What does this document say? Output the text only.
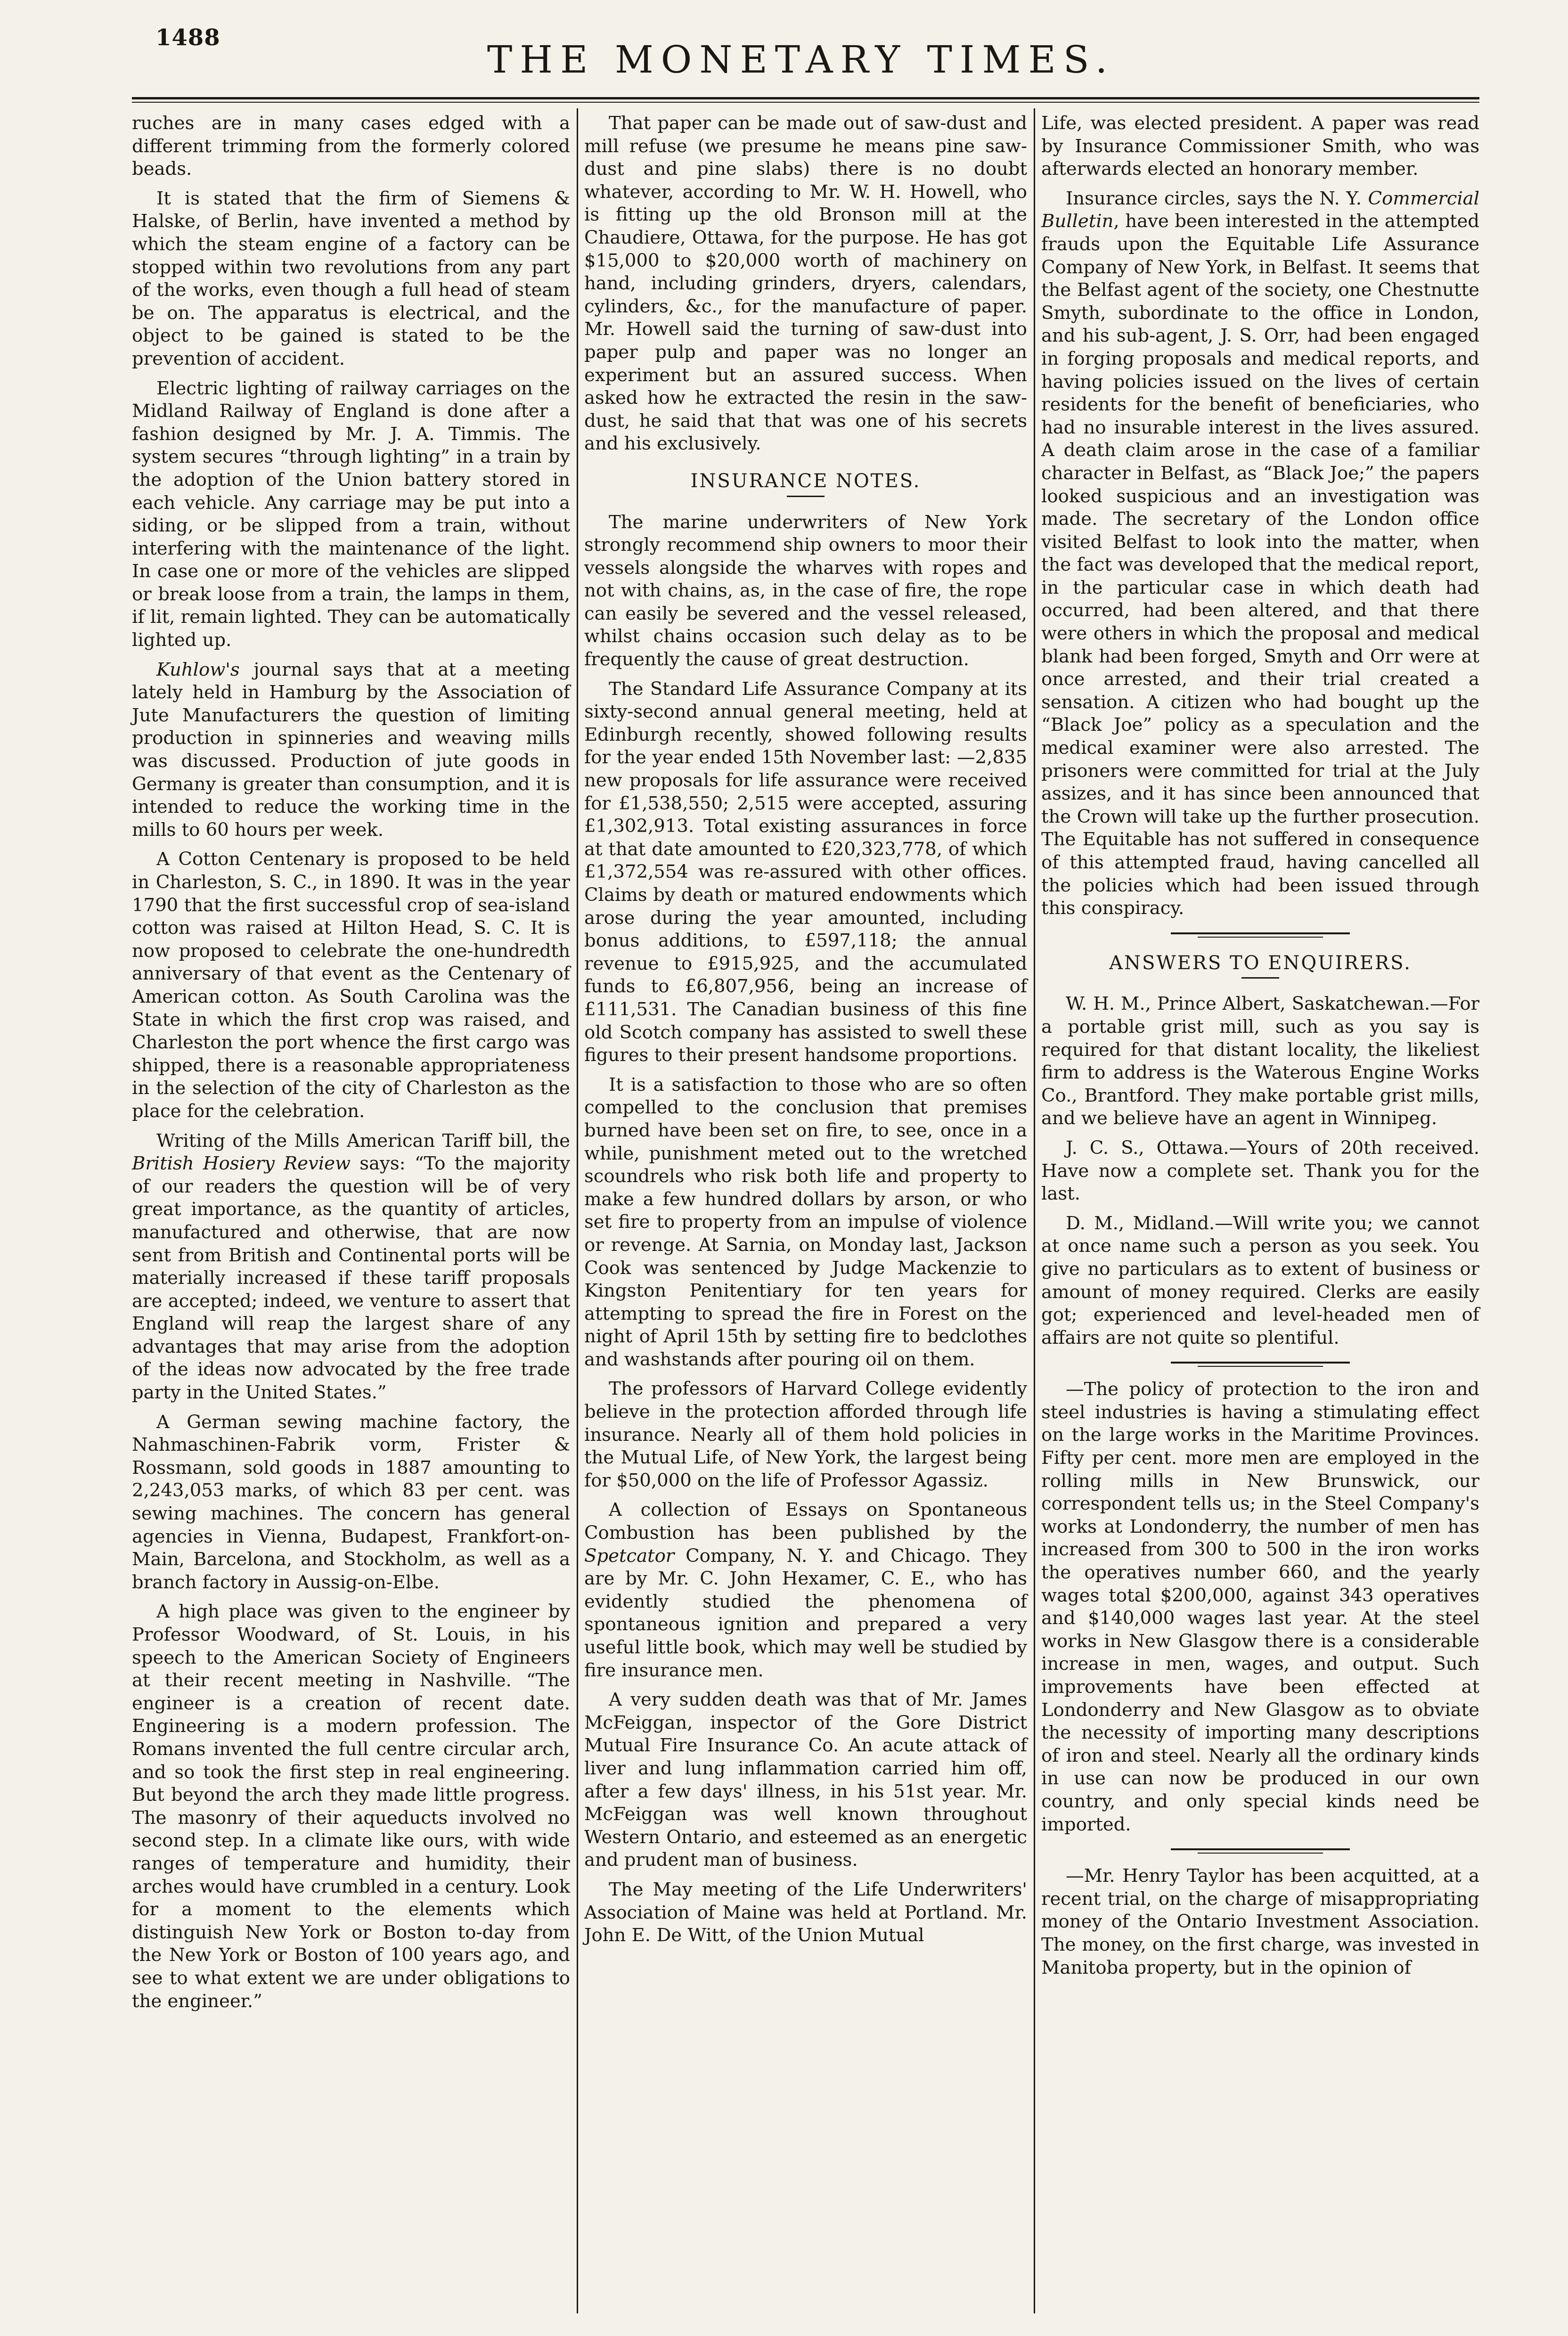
1488	THE MONETARY TIMES.

ruches are in many cases edged with a different trimming from the formerly colored beads.

It is stated that the firm of Siemens & Halske, of Berlin, have invented a method by which the steam engine of a factory can be stopped within two revolutions from any part of the works, even though a full head of steam be on. The apparatus is electrical, and the object to be gained is stated to be the prevention of accident.

Electric lighting of railway carriages on the Midland Railway of England is done after a fashion designed by Mr. J. A. Timmis. The system secures “through lighting” in a train by the adoption of the Union battery stored in each vehicle. Any carriage may be put into a siding, or be slipped from a train, without interfering with the maintenance of the light. In case one or more of the vehicles are slipped or break loose from a train, the lamps in them, if lit, remain lighted. They can be automatically lighted up.

Kuhlow's journal says that at a meeting lately held in Hamburg by the Association of Jute Manufacturers the question of limiting production in spinneries and weaving mills was discussed. Production of jute goods in Germany is greater than consumption, and it is intended to reduce the working time in the mills to 60 hours per week.

A Cotton Centenary is proposed to be held in Charleston, S. C., in 1890. It was in the year 1790 that the first successful crop of sea-island cotton was raised at Hilton Head, S. C. It is now proposed to celebrate the one-hundredth anniversary of that event as the Centenary of American cotton. As South Carolina was the State in which the first crop was raised, and Charleston the port whence the first cargo was shipped, there is a reasonable appropriateness in the selection of the city of Charleston as the place for the celebration.

Writing of the Mills American Tariff bill, the British Hosiery Review says: “To the majority of our readers the question will be of very great importance, as the quantity of articles, manufactured and otherwise, that are now sent from British and Continental ports will be materially increased if these tariff proposals are accepted; indeed, we venture to assert that England will reap the largest share of any advantages that may arise from the adoption of the ideas now advocated by the free trade party in the United States.”

A German sewing machine factory, the Nahmaschinen-Fabrik vorm, Frister & Rossmann, sold goods in 1887 amounting to 2,243,053 marks, of which 83 per cent. was sewing machines. The concern has general agencies in Vienna, Budapest, Frankfort-on-Main, Barcelona, and Stockholm, as well as a branch factory in Aussig-on-Elbe.

A high place was given to the engineer by Professor Woodward, of St. Louis, in his speech to the American Society of Engineers at their recent meeting in Nashville. “The engineer is a creation of recent date. Engineering is a modern profession. The Romans invented the full centre circular arch, and so took the first step in real engineering. But beyond the arch they made little progress. The masonry of their aqueducts involved no second step. In a climate like ours, with wide ranges of temperature and humidity, their arches would have crumbled in a century. Look for a moment to the elements which distinguish New York or Boston to-day from the New York or Boston of 100 years ago, and see to what extent we are under obligations to the engineer.”

That paper can be made out of saw-dust and mill refuse (we presume he means pine saw-dust and pine slabs) there is no doubt whatever, according to Mr. W. H. Howell, who is fitting up the old Bronson mill at the Chaudiere, Ottawa, for the purpose. He has got $15,000 to $20,000 worth of machinery on hand, including grinders, dryers, calendars, cylinders, &c., for the manufacture of paper. Mr. Howell said the turning of saw-dust into paper pulp and paper was no longer an experiment but an assured success. When asked how he extracted the resin in the saw-dust, he said that that was one of his secrets and his exclusively.

INSURANCE NOTES.

The marine underwriters of New York strongly recommend ship owners to moor their vessels alongside the wharves with ropes and not with chains, as, in the case of fire, the rope can easily be severed and the vessel released, whilst chains occasion such delay as to be frequently the cause of great destruction.

The Standard Life Assurance Company at its sixty-second annual general meeting, held at Edinburgh recently, showed following results for the year ended 15th November last: —2,835 new proposals for life assurance were received for £1,538,550; 2,515 were accepted, assuring £1,302,913. Total existing assurances in force at that date amounted to £20,323,778, of which £1,372,554 was re-assured with other offices. Claims by death or matured endowments which arose during the year amounted, including bonus additions, to £597,118; the annual revenue to £915,925, and the accumulated funds to £6,807,956, being an increase of £111,531. The Canadian business of this fine old Scotch company has assisted to swell these figures to their present handsome proportions.

It is a satisfaction to those who are so often compelled to the conclusion that premises burned have been set on fire, to see, once in a while, punishment meted out to the wretched scoundrels who risk both life and property to make a few hundred dollars by arson, or who set fire to property from an impulse of violence or revenge. At Sarnia, on Monday last, Jackson Cook was sentenced by Judge Mackenzie to Kingston Penitentiary for ten years for attempting to spread the fire in Forest on the night of April 15th by setting fire to bedclothes and washstands after pouring oil on them.

The professors of Harvard College evidently believe in the protection afforded through life insurance. Nearly all of them hold policies in the Mutual Life, of New York, the largest being for $50,000 on the life of Professor Agassiz.

A collection of Essays on Spontaneous Combustion has been published by the Spetcator Company, N. Y. and Chicago. They are by Mr. C. John Hexamer, C. E., who has evidently studied the phenomena of spontaneous ignition and prepared a very useful little book, which may well be studied by fire insurance men.

A very sudden death was that of Mr. James McFeiggan, inspector of the Gore District Mutual Fire Insurance Co. An acute attack of liver and lung inflammation carried him off, after a few days' illness, in his 51st year. Mr. McFeiggan was well known throughout Western Ontario, and esteemed as an energetic and prudent man of business.

The May meeting of the Life Underwriters' Association of Maine was held at Portland. Mr. John E. De Witt, of the Union Mutual

Life, was elected president. A paper was read by Insurance Commissioner Smith, who was afterwards elected an honorary member.

Insurance circles, says the N. Y. Commercial Bulletin, have been interested in the attempted frauds upon the Equitable Life Assurance Company of New York, in Belfast. It seems that the Belfast agent of the society, one Chestnutte Smyth, subordinate to the office in London, and his sub-agent, J. S. Orr, had been engaged in forging proposals and medical reports, and having policies issued on the lives of certain residents for the benefit of beneficiaries, who had no insurable interest in the lives assured. A death claim arose in the case of a familiar character in Belfast, as “Black Joe;” the papers looked suspicious and an investigation was made. The secretary of the London office visited Belfast to look into the matter, when the fact was developed that the medical report, in the particular case in which death had occurred, had been altered, and that there were others in which the proposal and medical blank had been forged, Smyth and Orr were at once arrested, and their trial created a sensation. A citizen who had bought up the “Black Joe” policy as a speculation and the medical examiner were also arrested. The prisoners were committed for trial at the July assizes, and it has since been announced that the Crown will take up the further prosecution. The Equitable has not suffered in consequence of this attempted fraud, having cancelled all the policies which had been issued through this conspiracy.

ANSWERS TO ENQUIRERS.

W. H. M., Prince Albert, Saskatchewan.—For a portable grist mill, such as you say is required for that distant locality, the likeliest firm to address is the Waterous Engine Works Co., Brantford. They make portable grist mills, and we believe have an agent in Winnipeg.

J. C. S., Ottawa.—Yours of 20th received. Have now a complete set. Thank you for the last.

D. M., Midland.—Will write you; we cannot at once name such a person as you seek. You give no particulars as to extent of business or amount of money required. Clerks are easily got; experienced and level-headed men of affairs are not quite so plentiful.

—The policy of protection to the iron and steel industries is having a stimulating effect on the large works in the Maritime Provinces. Fifty per cent. more men are employed in the rolling mills in New Brunswick, our correspondent tells us; in the Steel Company's works at Londonderry, the number of men has increased from 300 to 500 in the iron works the operatives number 660, and the yearly wages total $200,000, against 343 operatives and $140,000 wages last year. At the steel works in New Glasgow there is a considerable increase in men, wages, and output. Such improvements have been effected at Londonderry and New Glasgow as to obviate the necessity of importing many descriptions of iron and steel. Nearly all the ordinary kinds in use can now be produced in our own country, and only special kinds need be imported.

—Mr. Henry Taylor has been acquitted, at a recent trial, on the charge of misappropriating money of the Ontario Investment Association. The money, on the first charge, was invested in Manitoba property, but in the opinion of
